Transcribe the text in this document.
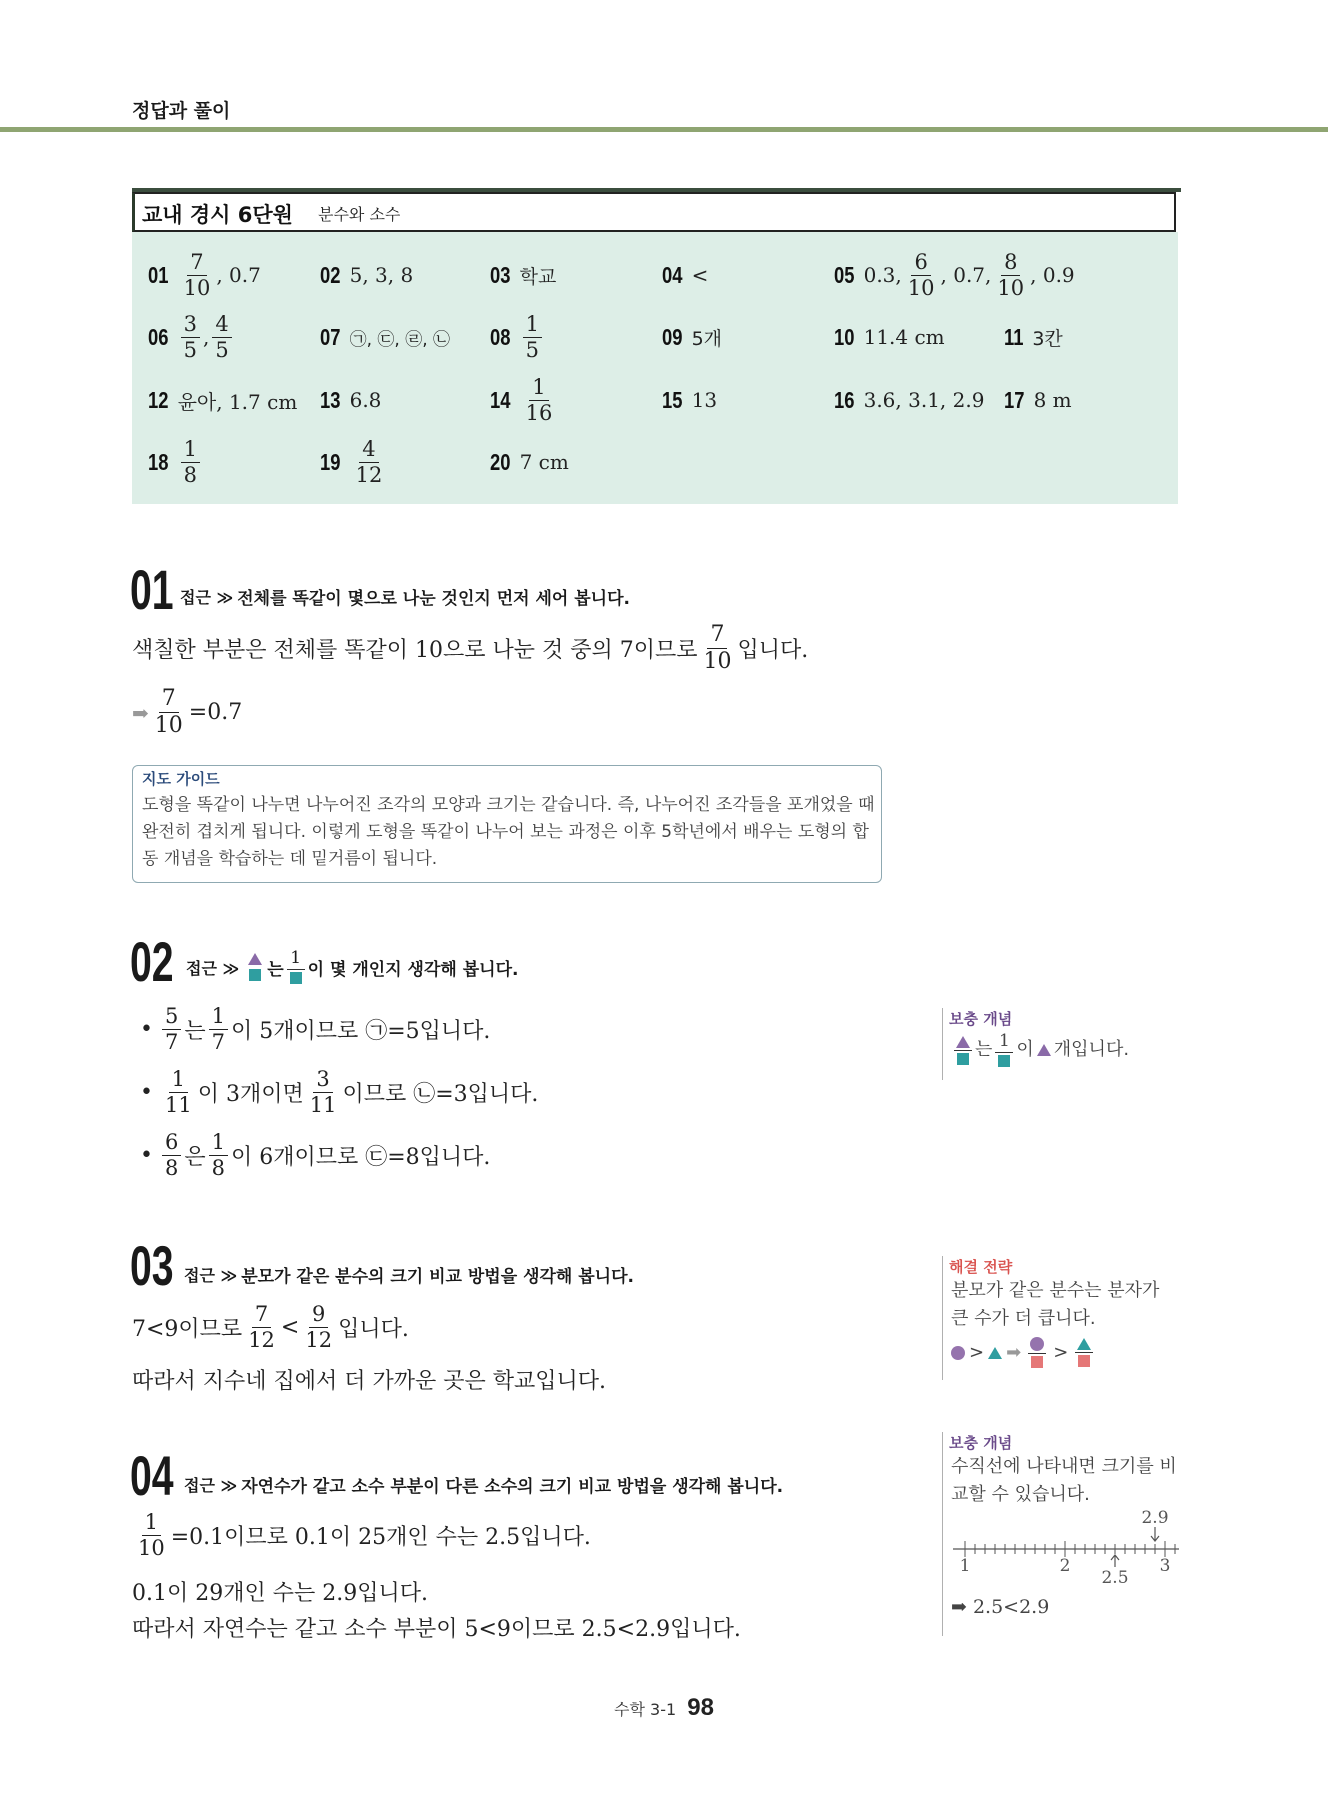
정답과 풀이
교내 경시 6단원 분수와 소수
$01 \frac{7}{10}$ , 0.7	02 5, 3, 8	03 학교	04 <	05 0.3, $\frac{6}{10}$ , 0.7, $\frac{8}{10}$ , 0.9
$06 \frac{3}{5}$ , $\frac{4}{5}$	07 ㉠, ㉢, ㉣, ㉡ $08 \frac{1}{5}$	09 5개	10 11.4 cm	11 3칸
12 윤아, 1.7 cm 13 6.8	$14 \frac{1}{16}$	15 13	16 3.6, 3.1, 2.9 17 8 m
$18 \frac{1}{8}$	$19 \frac{4}{12}$	20 7 cm
01 접근 ≫ 전체를 똑같이 몇으로 나눈 것인지 먼저 세어 봅니다.
색칠한 부분은 전체를 똑같이 10으로 나눈 것 중의 7이므로 $\frac{7}{10}$ 입니다.
➡ $\frac{7}{10} =0.7$
지도 가이드
도형을 똑같이 나누면 나누어진 조각의 모양과 크기는 같습니다. 즉, 나누어진 조각들을 포개었을 때 완전히 겹치게 됩니다. 이렇게 도형을 똑같이 나누어 보는 과정은 이후 5학년에서 배우는 도형의 합동 개념을 학습하는 데 밑거름이 됩니다.
02 접근 ≫ 는
1
이 몇 개인지 생각해 봅니다.
• $\frac{5}{7}$ 는 $\frac{1}{7}$ 이 5개이므로 ㉠=5입니다.
• $\frac{1}{11}$ 이 3개이면 $\frac{3}{11}$ 이므로 ㉡=3입니다.
• $\frac{6}{8}$ 은 $\frac{1}{8}$ 이 6개이므로 ㉢=8입니다.
보충 개념
는 1 이 개입니다.
03 접근 ≫ 분모가 같은 분수의 크기 비교 방법을 생각해 봅니다.
7<9이므로 $\frac{7}{12} < \frac{9}{12}$ 입니다.
따라서 지수네 집에서 더 가까운 곳은 학교입니다.
해결 전략
분모가 같은 분수는 분자가 큰 수가 더 큽니다.
> ➡ >
04 접근 ≫ 자연수가 같고 소수 부분이 다른 소수의 크기 비교 방법을 생각해 봅니다.
$\frac{1}{10} =0.1$이므로 0.1이 25개인 수는 2.5입니다.
0.1이 29개인 수는 2.9입니다.
따라서 자연수는 같고 소수 부분이 5<9이므로 2.5<2.9입니다.
보충 개념
수직선에 나타내면 크기를 비교할 수 있습니다.
2.9
1	2
2.5
3
➡ 2.5<2.9
수학 3-1 98
